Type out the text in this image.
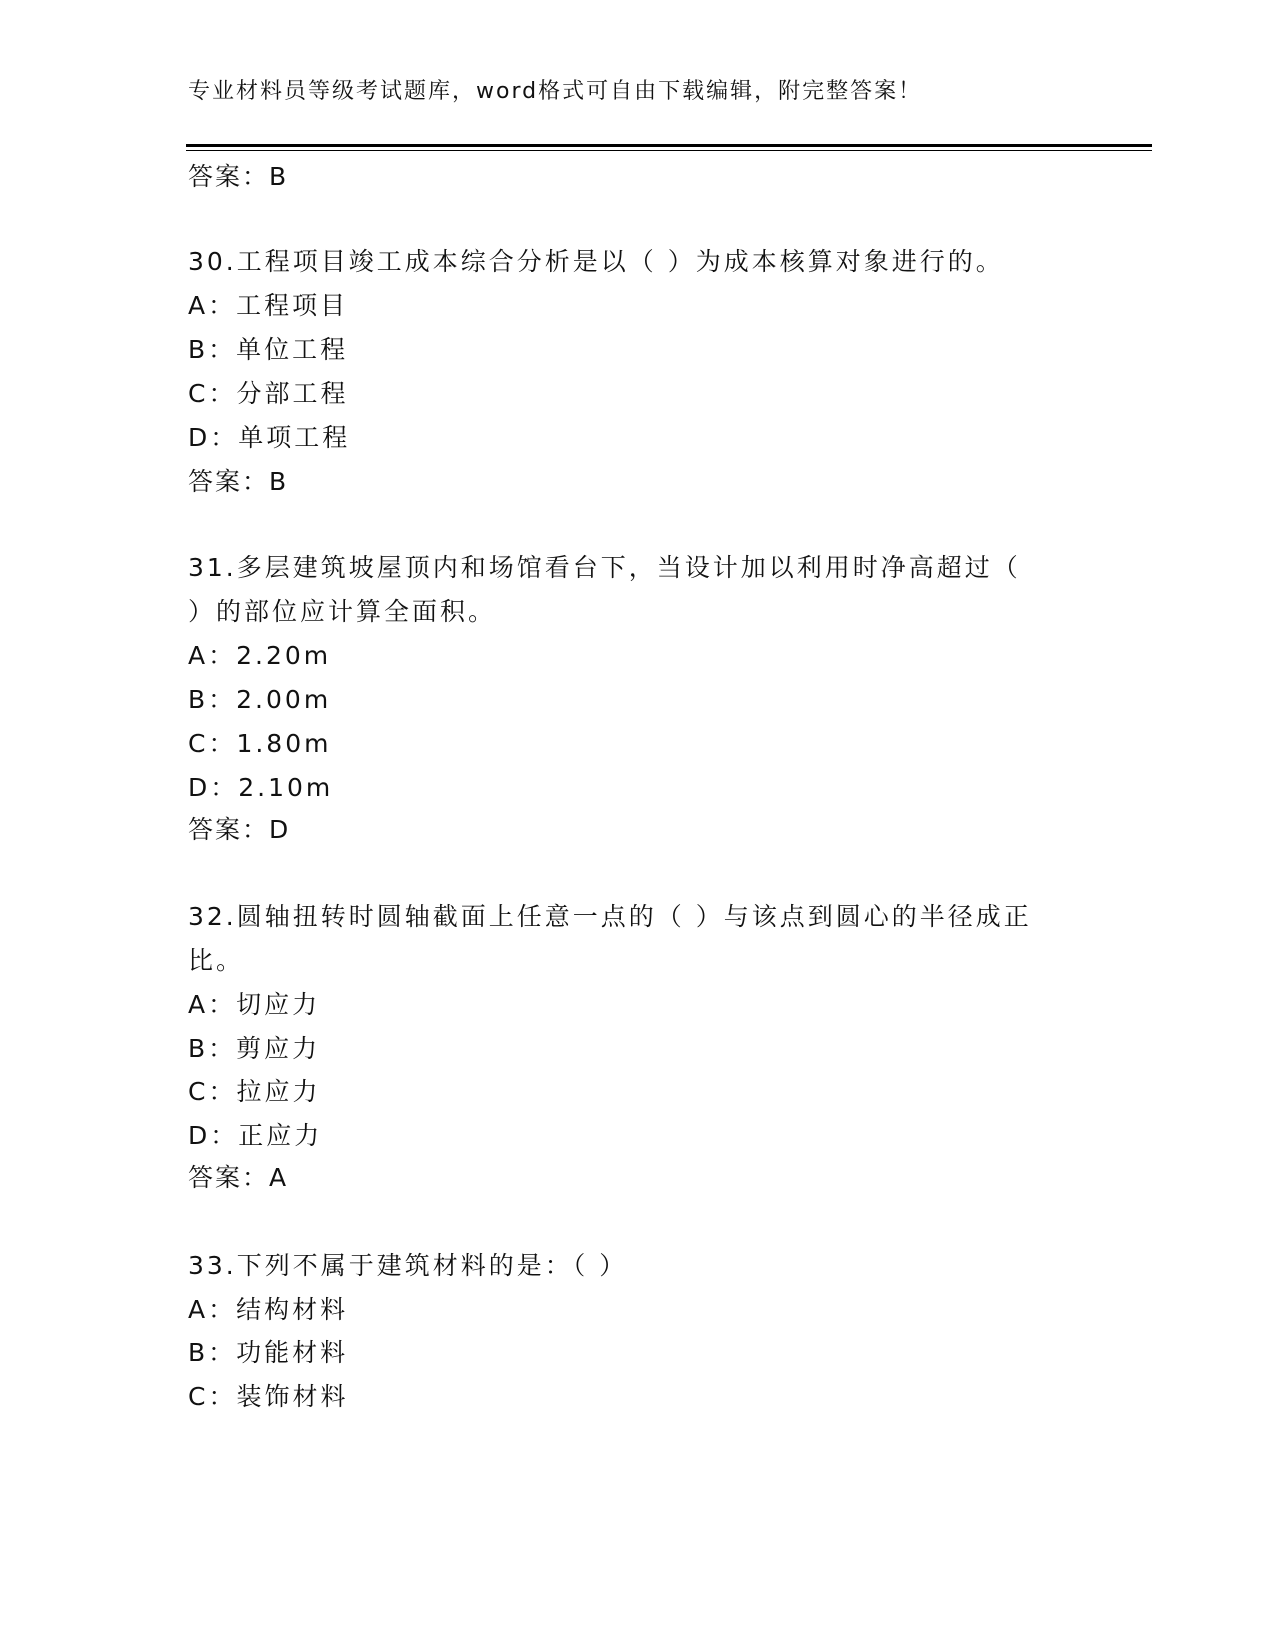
专业材料员等级考试题库，word格式可自由下载编辑，附完整答案！
答案：B
30.工程项目竣工成本综合分析是以（ ）为成本核算对象进行的。
A：工程项目
B：单位工程
C：分部工程
D：单项工程
答案：B
31.多层建筑坡屋顶内和场馆看台下，当设计加以利用时净高超过（
）的部位应计算全面积。
A：2.20m
B：2.00m
C：1.80m
D：2.10m
答案：D
32.圆轴扭转时圆轴截面上任意一点的（ ）与该点到圆心的半径成正
比。
A：切应力
B：剪应力
C：拉应力
D：正应力
答案：A
33.下列不属于建筑材料的是：（ ）
A：结构材料
B：功能材料
C：装饰材料
